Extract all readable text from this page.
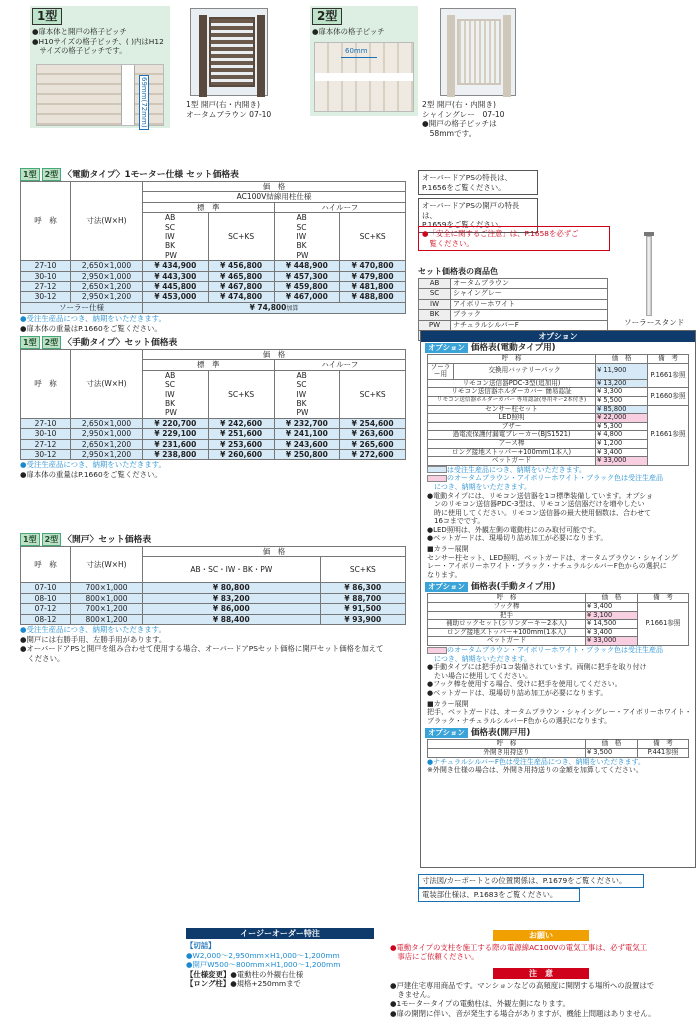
1型
●扉本体と開戸の格子ピッチ
●H10サイズの格子ピッチ、( )内はH12
　サイズの格子ピッチです。
69mm(72mm)	1型 開戸(右・内開き)
オータムブラウン 07-10
2型
●扉本体の格子ピッチ
60mm
2型 開戸(右・内開き)
シャイングレー　07-10
●開戸の格子ピッチは
　58mmです。
1型	2型 〈電動タイプ〉1モーター仕様 セット価格表
呼　称	寸法(W×H)	価　格			
		AC100V結線用柱仕様			
		標　準		ハイルーフ	
		AB
SC
IW
BK
PW	SC+KS	AB
SC
IW
BK
PW	SC+KS
27-10	2,650×1,000	¥ 434,900	¥ 456,800	¥ 448,900	¥ 470,800
30-10	2,950×1,000	¥ 443,300	¥ 465,800	¥ 457,300	¥ 479,800
27-12	2,650×1,200	¥ 445,800	¥ 467,800	¥ 459,800	¥ 481,800
30-12	2,950×1,200	¥ 453,000	¥ 474,800	¥ 467,000	¥ 488,800
ソーラー仕様		¥ 74,800加算			
●受注生産品につき、納期をいただきます。
●扉本体の重量はP.1660をご覧ください。
1型	2型 〈手動タイプ〉セット価格表
呼　称	寸法(W×H)	価　格			
		標　準		ハイルーフ	
		AB
SC
IW
BK
PW	SC+KS	AB
SC
IW
BK
PW	SC+KS
27-10	2,650×1,000	¥ 220,700	¥ 242,600	¥ 232,700	¥ 254,600
30-10	2,950×1,000	¥ 229,100	¥ 251,600	¥ 241,100	¥ 263,600
27-12	2,650×1,200	¥ 231,600	¥ 253,600	¥ 243,600	¥ 265,600
30-12	2,950×1,200	¥ 238,800	¥ 260,600	¥ 250,800	¥ 272,600
●受注生産品につき、納期をいただきます。
●扉本体の重量はP.1660をご覧ください。
1型	2型 〈開戸〉セット価格表
呼　称	寸法(W×H)	価　格	
		AB・SC・IW・BK・PW	SC+KS
07-10	700×1,000	¥ 80,800	¥ 86,300
08-10	800×1,000	¥ 83,200	¥ 88,700
07-12	700×1,200	¥ 86,000	¥ 91,500
08-12	800×1,200	¥ 88,400	¥ 93,900
●受注生産品につき、納期をいただきます。
●開戸には右勝手用、左勝手用があります。
●オーバードアPSと開戸を組み合わせて使用する場合、オーバードアPSセット価格に開戸セット価格を加えて
　ください。
オーバードアPSの特長は、
P.1656をご覧ください。
オーバードアPSの開戸の特長は、
P.1659をご覧ください。
●「安全に関するご注意」は、P.1658を必ずご
　覧ください。
セット価格表の商品色
AB	オータムブラウン
SC	シャイングレー
IW	アイボリーホワイト
BK	ブラック
PW	ナチュラルシルバーF
		ソーラースタンド
オプション
オプション 価格表(電動タイプ用)
呼　称		価　格	備　考
ソーラー用	交換用バッテリーパック	¥ 11,900	P.1661参照
リモコン送信器PDC-3型(追加用)		¥ 13,200	
リモコン送信器ホルダーカバー 簡易認証		¥ 3,300	P.1660参照
リモコン送信器ホルダーカバー 専用認証(専用キー2本付き)		¥ 5,500	
センサー柱セット		¥ 85,800	P.1661参照
LED照明		¥ 22,000	
ブザー		¥ 5,300	
過電流保護付漏電ブレーカー(BJS1521)		¥ 4,800	
アース棒		¥ 1,200	
ロング接地ストッパー+100mm(1本入)		¥ 3,400	
ベットガード		¥ 33,000	
は受注生産品につき、納期をいただきます。
のオータムブラウン・アイボリーホワイト・ブラック色は受注生産品
　につき、納期をいただきます。
●電動タイプには、リモコン送信器を1コ標準装備しています。オプショ
　ンのリモコン送信器PDC-3型は、リモコン送信器だけを増やしたい
　時に使用してください。リモコン送信器の最大使用個数は、合わせて
　16コまでです。
●LED照明は、外観左側の電動柱にのみ取付可能です。
●ベットガードは、現場切り詰め加工が必要になります。
■カラー展開
センサー柱セット、LED照明、ベットガードは、オータムブラウン・シャイング
レー・アイボリーホワイト・ブラック・ナチュラルシルバーF色からの選択に
なります。
オプション 価格表(手動タイプ用)
呼　称	価　格	備　考
フック棒	¥ 3,400	P.1661参照
把手	¥ 3,100	
補助ロックセット(シリンダーキー2本入)	¥ 14,500	
ロング接地ストッパー+100mm(1本入)	¥ 3,400	
ベットガード	¥ 33,000	
のオータムブラウン・アイボリーホワイト・ブラック色は受注生産品
　につき、納期をいただきます。
●手動タイプには把手が1コ装備されています。両側に把手を取り付け
　たい場合に使用してください。
●フック棒を使用する場合、受けに把手を使用してください。
●ベットガードは、現場切り詰め加工が必要になります。
■カラー展開
把手、ベットガードは、オータムブラウン・シャイングレー・アイボリーホワイト・
ブラック・ナチュラルシルバーF色からの選択になります。
オプション 価格表(開戸用)
呼　称	価　格	備　考
外開き用持送り	¥ 3,500	P.441参照
●ナチュラルシルバーF色は受注生産品につき、納期をいただきます。
※外開き仕様の場合は、外開き用持送りの金額を加算してください。
寸法図/カーポートとの位置関係は、P.1679をご覧ください。
電装部仕様は、P.1683をご覧ください。
イージーオーダー特注
【切詰】
●W2,000～2,950mm×H1,000～1,200mm
●開戸W500～800mm×H1,000～1,200mm
【仕様変更】●電動柱の外観右仕様
【ロング柱】●規格+250mmまで
お願い
●電動タイプの支柱を施工する際の電源線AC100Vの電気工事は、必ず電気工
　事店にご依頼ください。
注　意
●戸建住宅専用商品です。マンションなどの高頻度に開閉する場所への設置はで
　きません。
●1モータータイプの電動柱は、外観左側になります。
●扉の開閉に伴い、音が発生する場合がありますが、機能上問題はありません。
